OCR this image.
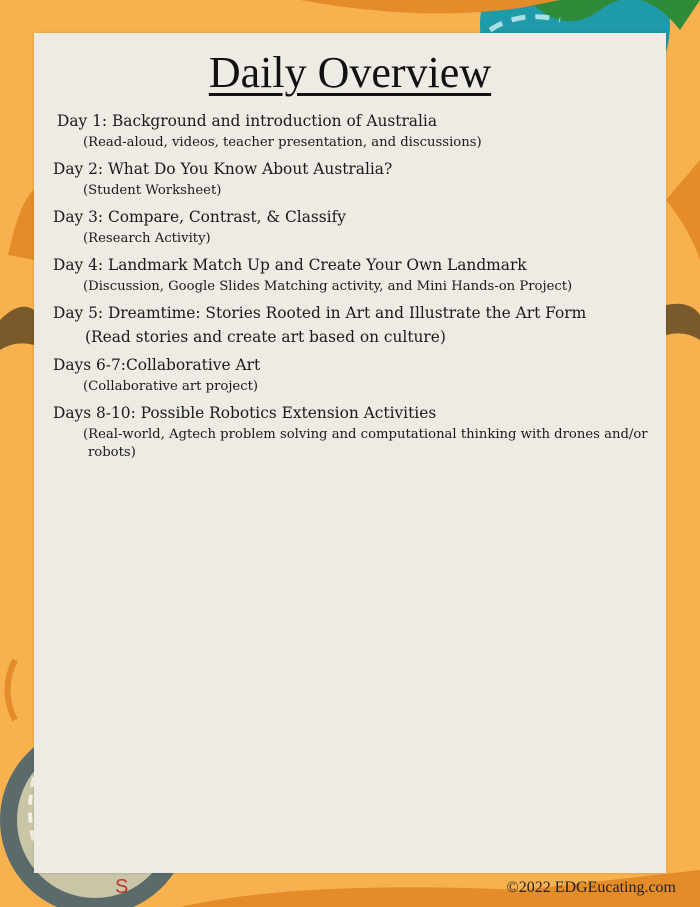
S
Daily Overview

Day 1: Background and introduction of Australia

(Read-aloud, videos, teacher presentation, and discussions)

Day 2: What Do You Know About Australia?

(Student Worksheet)

Day 3: Compare, Contrast, & Classify

(Research Activity)

Day 4: Landmark Match Up and Create Your Own Landmark

(Discussion, Google Slides Matching activity, and Mini Hands-on Project)

Day 5: Dreamtime: Stories Rooted in Art and Illustrate the Art Form

(Read stories and create art based on culture)

Days 6-7:Collaborative Art

(Collaborative art project)

Days 8-10: Possible Robotics Extension Activities

(Real-world, Agtech problem solving and computational thinking with drones and/or
robots)

©2022 EDGEucating.com
